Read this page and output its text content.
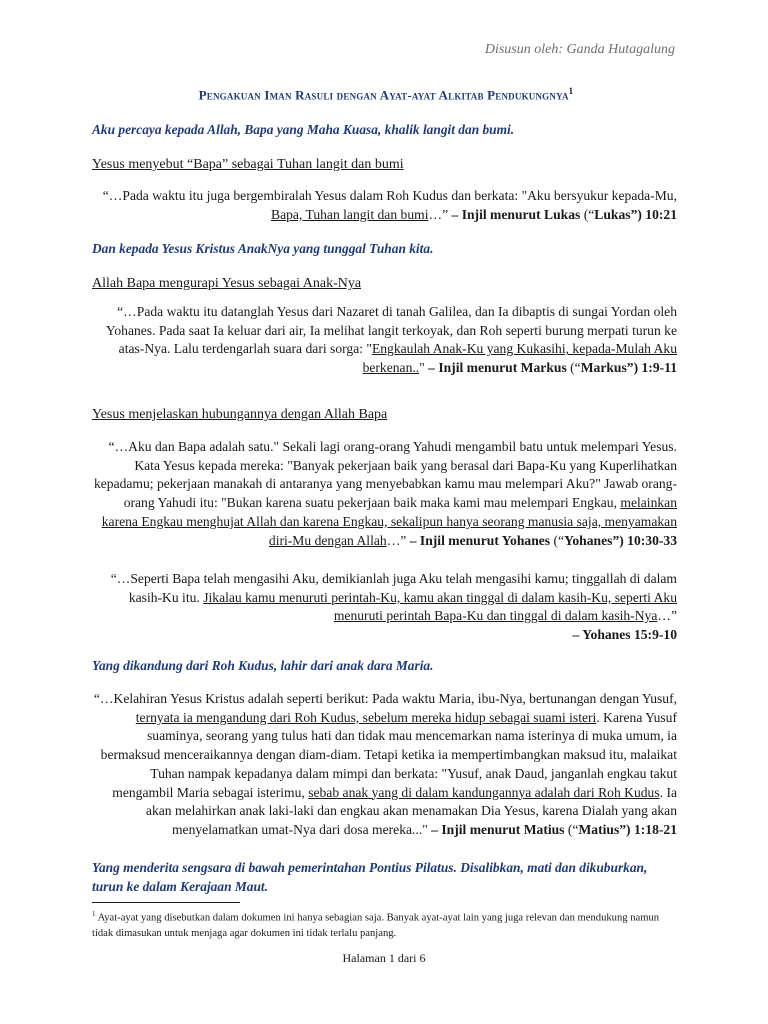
Disusun oleh: Ganda Hutagalung
Pengakuan Iman Rasuli dengan Ayat-ayat Alkitab Pendukungnya$^1$
Aku percaya kepada Allah, Bapa yang Maha Kuasa, khalik langit dan bumi.
Yesus menyebut “Bapa” sebagai Tuhan langit dan bumi
“…Pada waktu itu juga bergembiralah Yesus dalam Roh Kudus dan berkata: "Aku bersyukur kepada-Mu, Bapa, Tuhan langit dan bumi…” – Injil menurut Lukas (“Lukas”) 10:21
Dan kepada Yesus Kristus AnakNya yang tunggal Tuhan kita.
Allah Bapa mengurapi Yesus sebagai Anak-Nya
“…Pada waktu itu datanglah Yesus dari Nazaret di tanah Galilea, dan Ia dibaptis di sungai Yordan oleh Yohanes. Pada saat Ia keluar dari air, Ia melihat langit terkoyak, dan Roh seperti burung merpati turun ke atas-Nya. Lalu terdengarlah suara dari sorga: "Engkaulah Anak-Ku yang Kukasihi, kepada-Mulah Aku berkenan.." – Injil menurut Markus (“Markus”) 1:9-11
Yesus menjelaskan hubungannya dengan Allah Bapa
“…Aku dan Bapa adalah satu." Sekali lagi orang-orang Yahudi mengambil batu untuk melempari Yesus. Kata Yesus kepada mereka: "Banyak pekerjaan baik yang berasal dari Bapa-Ku yang Kuperlihatkan kepadamu; pekerjaan manakah di antaranya yang menyebabkan kamu mau melempari Aku?" Jawab orang-orang Yahudi itu: "Bukan karena suatu pekerjaan baik maka kami mau melempari Engkau, melainkan karena Engkau menghujat Allah dan karena Engkau, sekalipun hanya seorang manusia saja, menyamakan diri-Mu dengan Allah…” – Injil menurut Yohanes (“Yohanes”) 10:30-33
“…Seperti Bapa telah mengasihi Aku, demikianlah juga Aku telah mengasihi kamu; tinggallah di dalam kasih-Ku itu. Jikalau kamu menuruti perintah-Ku, kamu akan tinggal di dalam kasih-Ku, seperti Aku menuruti perintah Bapa-Ku dan tinggal di dalam kasih-Nya…”
– Yohanes 15:9-10
Yang dikandung dari Roh Kudus, lahir dari anak dara Maria.
“…Kelahiran Yesus Kristus adalah seperti berikut: Pada waktu Maria, ibu-Nya, bertunangan dengan Yusuf, ternyata ia mengandung dari Roh Kudus, sebelum mereka hidup sebagai suami isteri. Karena Yusuf suaminya, seorang yang tulus hati dan tidak mau mencemarkan nama isterinya di muka umum, ia bermaksud menceraikannya dengan diam-diam. Tetapi ketika ia mempertimbangkan maksud itu, malaikat Tuhan nampak kepadanya dalam mimpi dan berkata: "Yusuf, anak Daud, janganlah engkau takut mengambil Maria sebagai isterimu, sebab anak yang di dalam kandungannya adalah dari Roh Kudus. Ia akan melahirkan anak laki-laki dan engkau akan menamakan Dia Yesus, karena Dialah yang akan menyelamatkan umat-Nya dari dosa mereka..." – Injil menurut Matius (“Matius”) 1:18-21
Yang menderita sengsara di bawah pemerintahan Pontius Pilatus. Disalibkan, mati dan dikuburkan, turun ke dalam Kerajaan Maut.
$^1$ Ayat-ayat yang disebutkan dalam dokumen ini hanya sebagian saja. Banyak ayat-ayat lain yang juga relevan dan mendukung namun tidak dimasukan untuk menjaga agar dokumen ini tidak terlalu panjang.
Halaman 1 dari 6
